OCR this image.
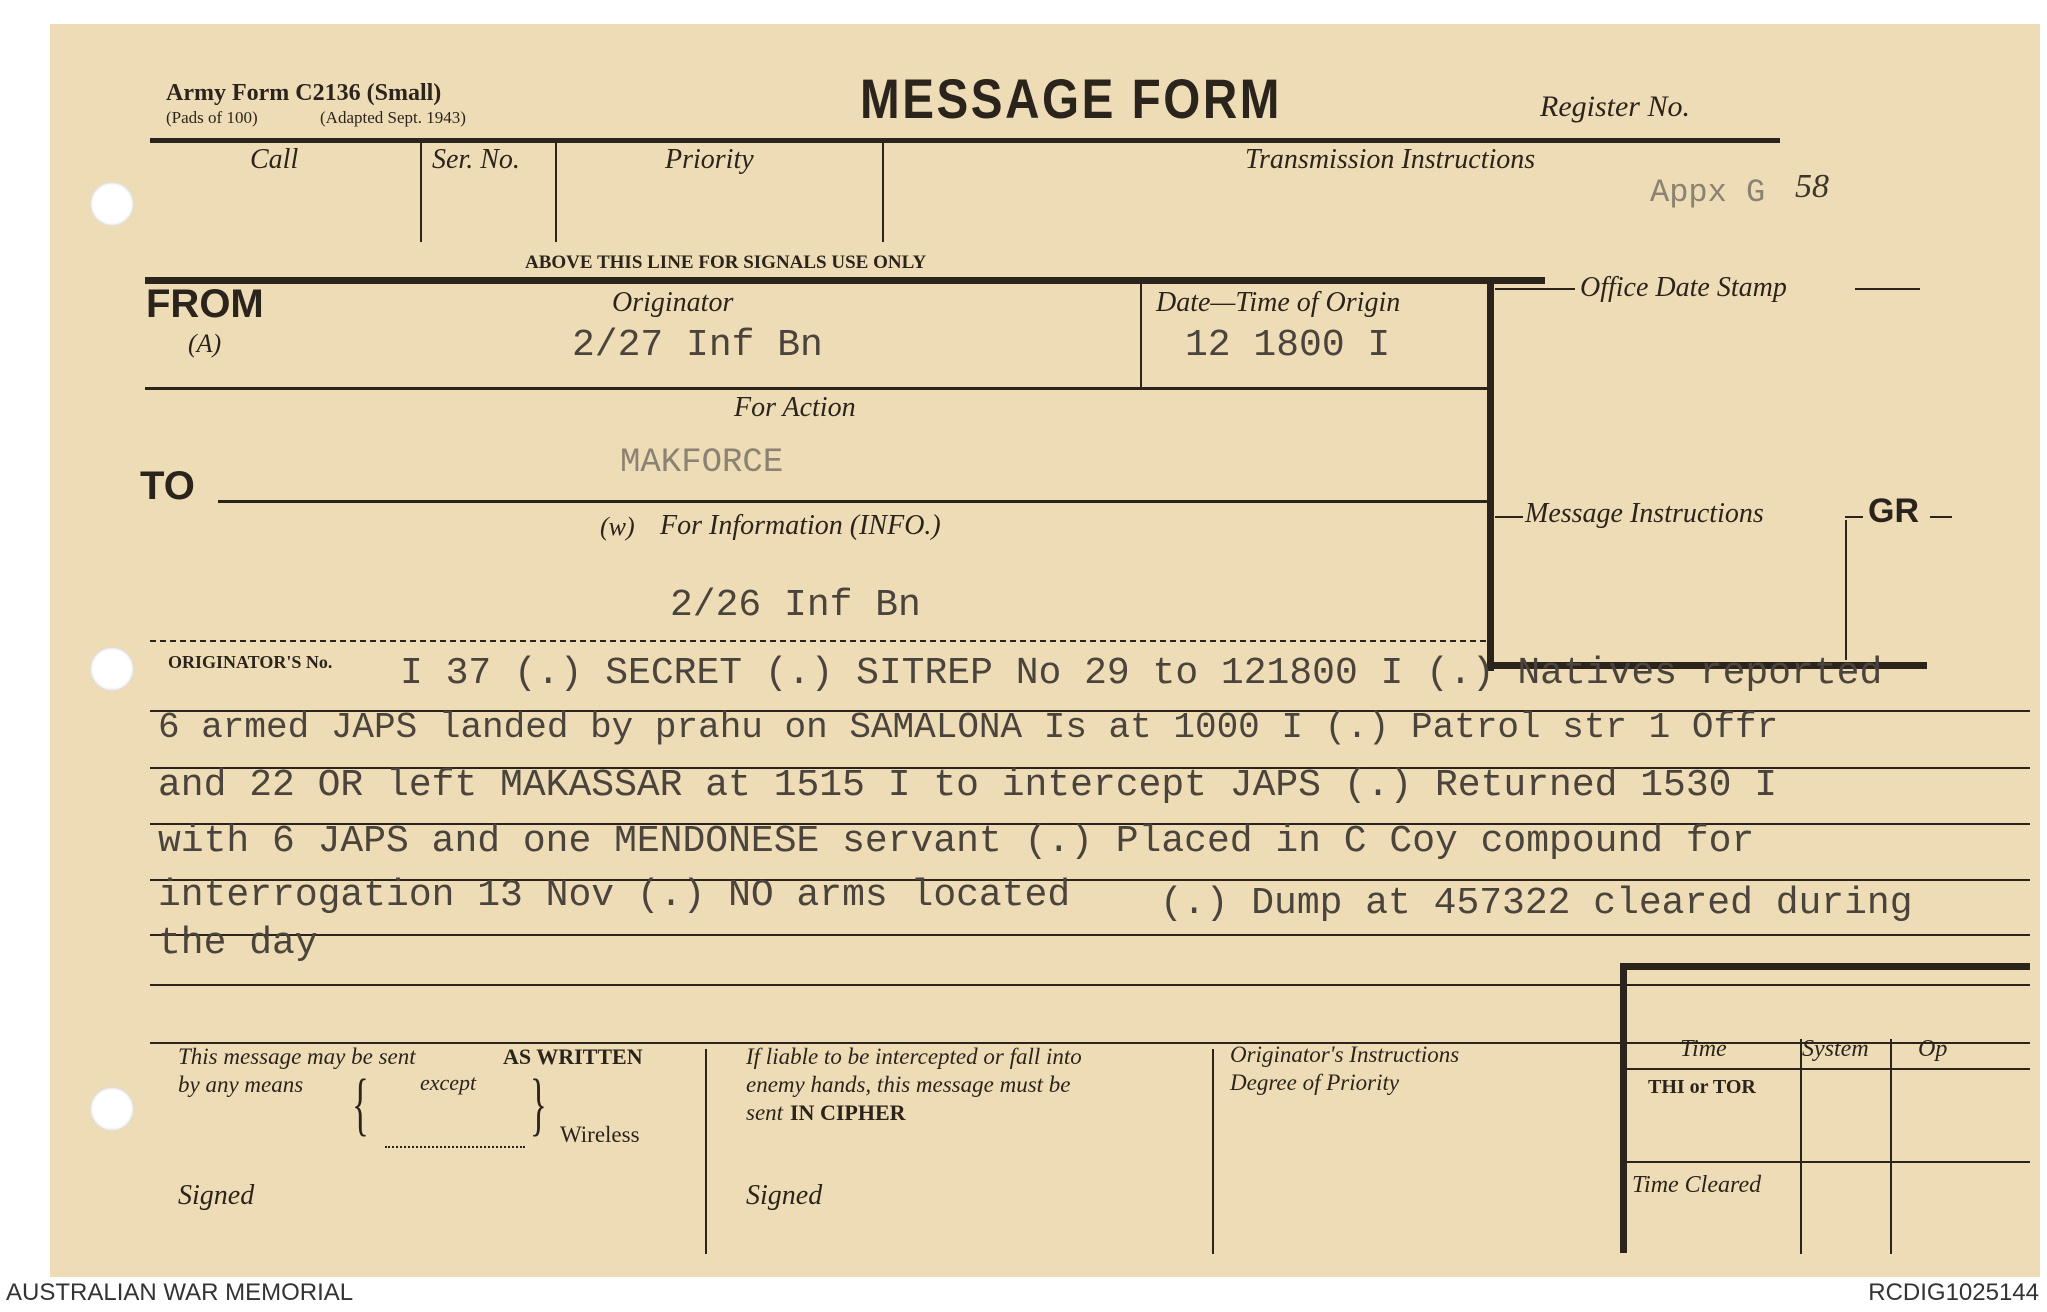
Army Form C2136 (Small)
(Pads of 100)	(Adapted Sept. 1943)	MESSAGE FORM	Register No.
Call	Ser. No.	Priority	Transmission Instructions
Appx G 58
ABOVE THIS LINE FOR SIGNALS USE ONLY
FROM
(A)
Originator
2/27 Inf Bn
Date—Time of Origin
12 1800 I
Office Date Stamp
Message Instructions	GR
For Action
MAKFORCE
TO
(w) For Information (INFO.)
2/26 Inf Bn
ORIGINATOR'S No. I 37 (.) SECRET (.) SITREP No 29 to 121800 I (.) Natives reported
6 armed JAPS landed by prahu on SAMALONA Is at 1000 I (.) Patrol str 1 Offr
and 22 OR left MAKASSAR at 1515 I to intercept JAPS (.) Returned 1530 I
with 6 JAPS and one MENDONESE servant (.) Placed in C Coy compound for
interrogation 13 Nov (.) NO arms located (.) Dump at 457322 cleared during
the day
This message may be sent	AS WRITTEN
by any means	except
{ } Wireless
Signed
If liable to be intercepted or fall into
enemy hands, this message must be
sent IN CIPHER
Signed
Originator's Instructions
Degree of Priority
Time	System Op
THI or TOR
Time Cleared
AUSTRALIAN WAR MEMORIAL	RCDIG1025144
